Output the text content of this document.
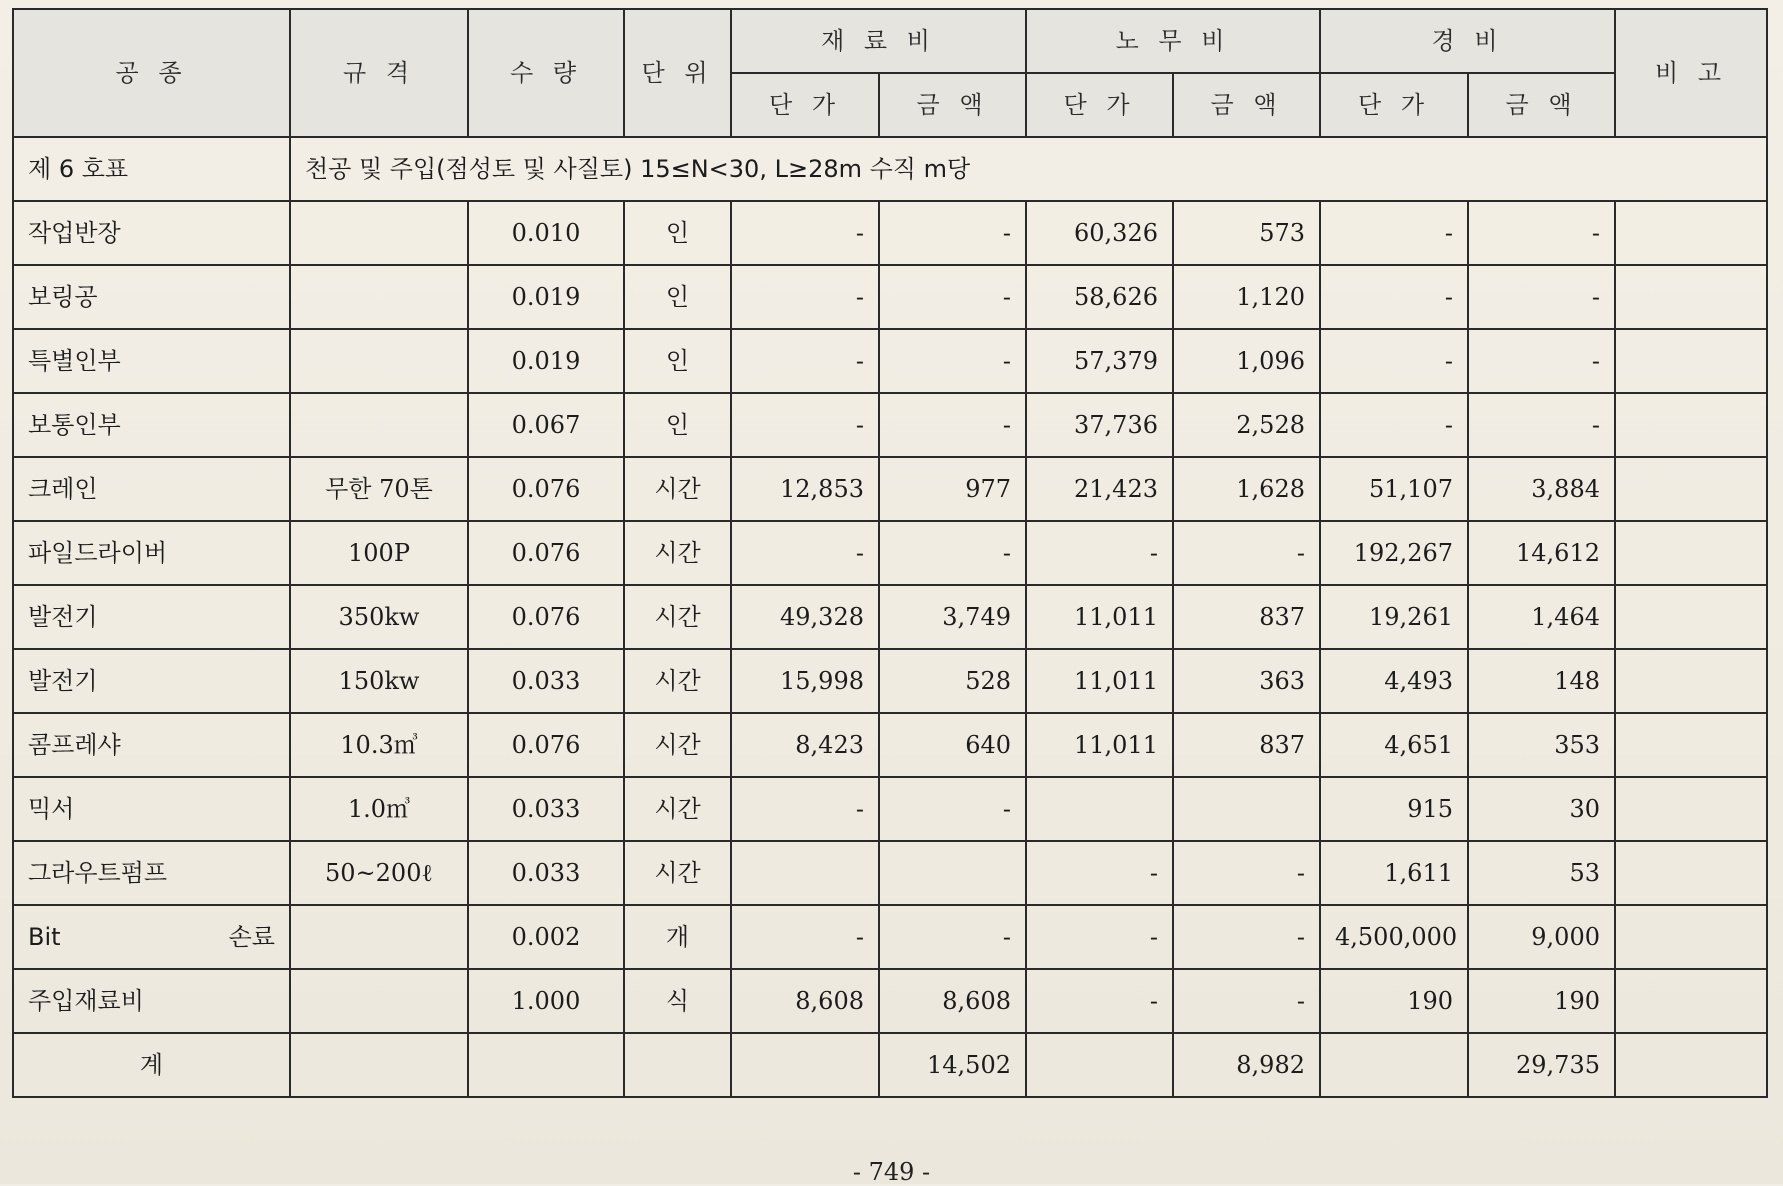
공 종	규 격	수 량	단 위	재 료 비		노 무 비		경 비		비 고
				단 가	금 액	단 가	금 액	단 가	금 액	
제 6 호표	천공 및 주입(점성토 및 사질토) 15≤N<30, L≥28m 수직 m당									
작업반장		0.010	인	-	-	60,326	573	-	-	
보링공		0.019	인	-	-	58,626	1,120	-	-	
특별인부		0.019	인	-	-	57,379	1,096	-	-	
보통인부		0.067	인	-	-	37,736	2,528	-	-	
크레인	무한 70톤	0.076	시간	12,853	977	21,423	1,628	51,107	3,884	
파일드라이버	100P	0.076	시간	-	-	-	-	192,267	14,612	
발전기	350kw	0.076	시간	49,328	3,749	11,011	837	19,261	1,464	
발전기	150kw	0.033	시간	15,998	528	11,011	363	4,493	148	
콤프레샤	10.3㎥	0.076	시간	8,423	640	11,011	837	4,651	353	
믹서	1.0㎥	0.033	시간	-	-			915	30	
그라우트펌프	50~200ℓ	0.033	시간			-	-	1,611	53	
Bit 손료		0.002	개	-	-	-	-	4,500,000	9,000	
주입재료비		1.000	식	8,608	8,608	-	-	190	190	
계					14,502		8,982		29,735	
- 749 -
